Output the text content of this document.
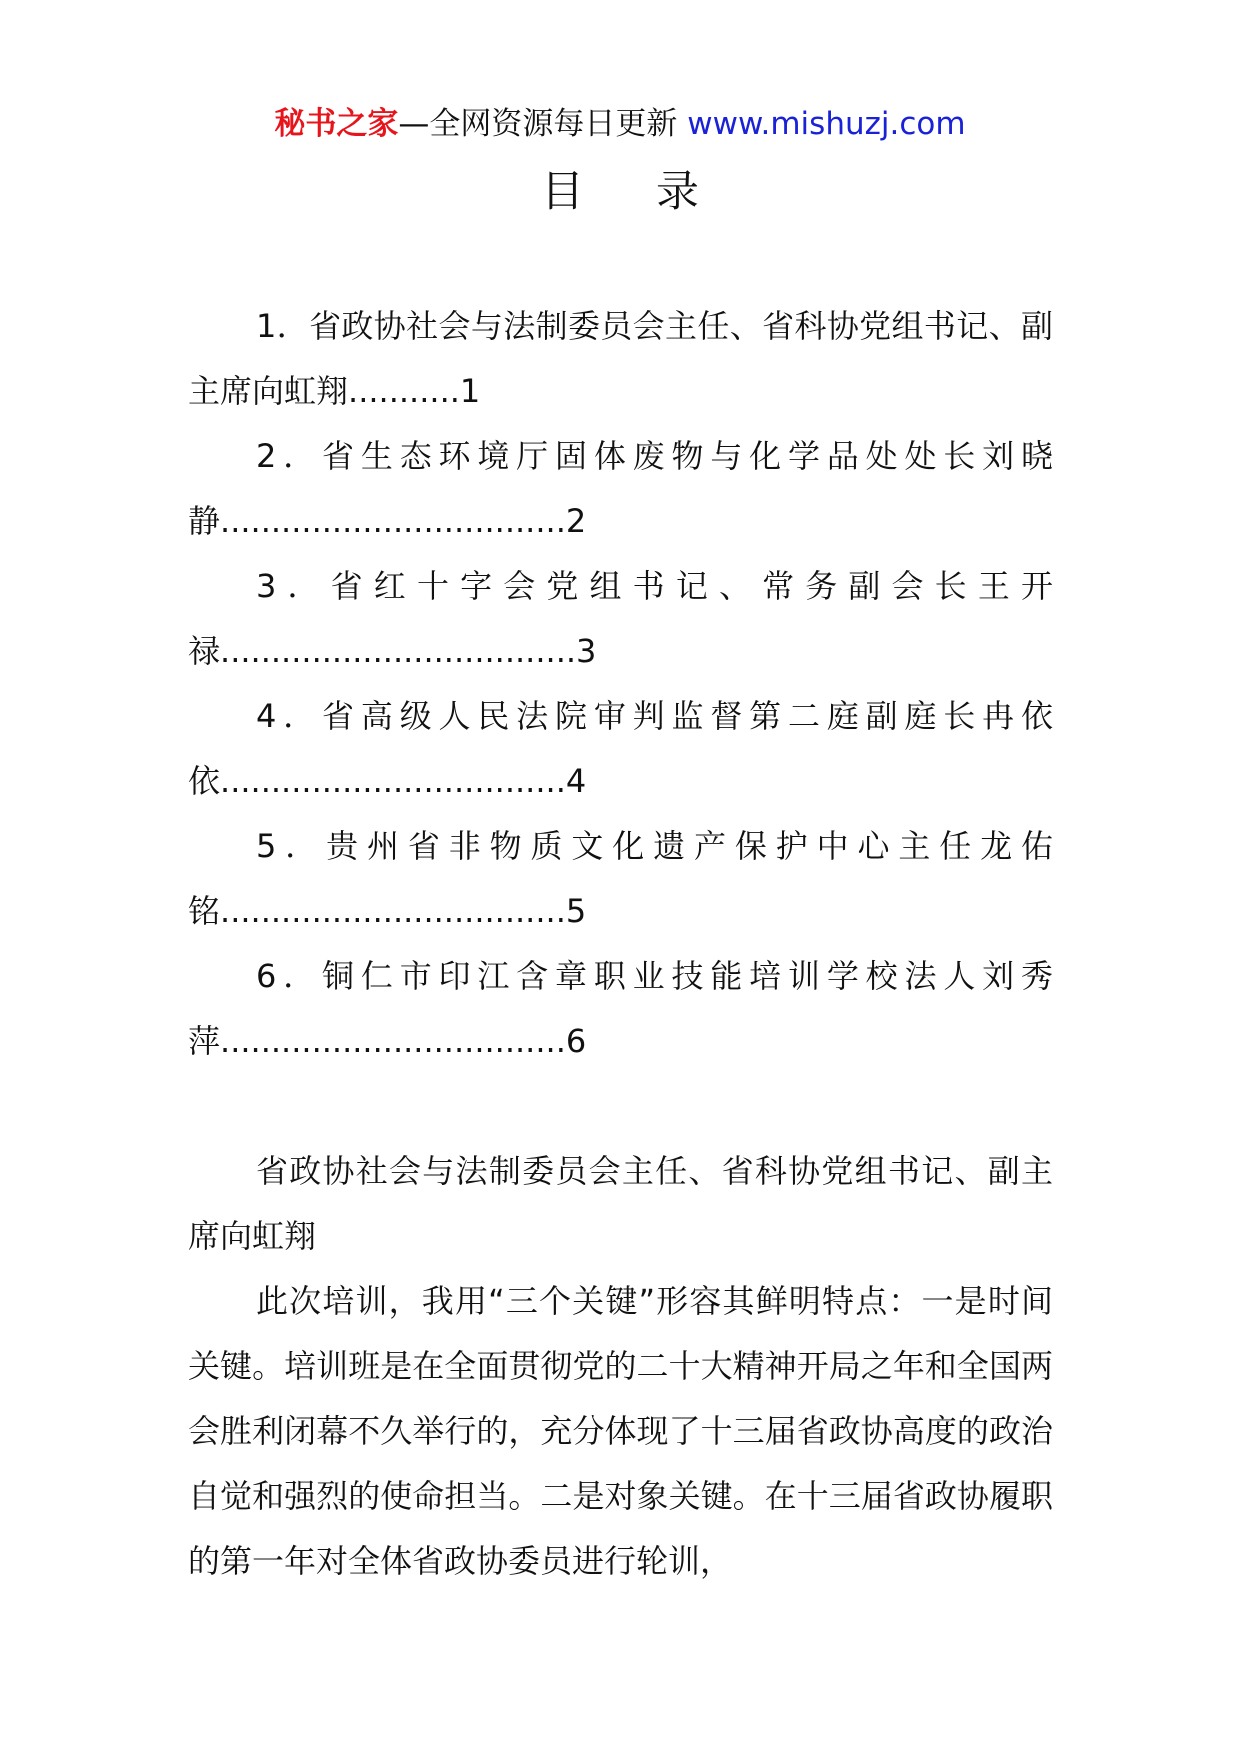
秘书之家—全网资源每日更新 www.mishuzj.com
目录

1．省政协社会与法制委员会主任、省科协党组书记、副主席向虹翔...........1

2．省生态环境厅固体废物与化学品处处长刘晓静..................................2

3．省红十字会党组书记、常务副会长王开禄...................................3

4．省高级人民法院审判监督第二庭副庭长冉依依..................................4

5．贵州省非物质文化遗产保护中心主任龙佑铭..................................5

6．铜仁市印江含章职业技能培训学校法人刘秀萍..................................6

省政协社会与法制委员会主任、省科协党组书记、副主席向虹翔

此次培训，我用“三个关键”形容其鲜明特点：一是时间关键。培训班是在全面贯彻党的二十大精神开局之年和全国两会胜利闭幕不久举行的，充分体现了十三届省政协高度的政治自觉和强烈的使命担当。二是对象关键。在十三届省政协履职的第一年对全体省政协委员进行轮训，
